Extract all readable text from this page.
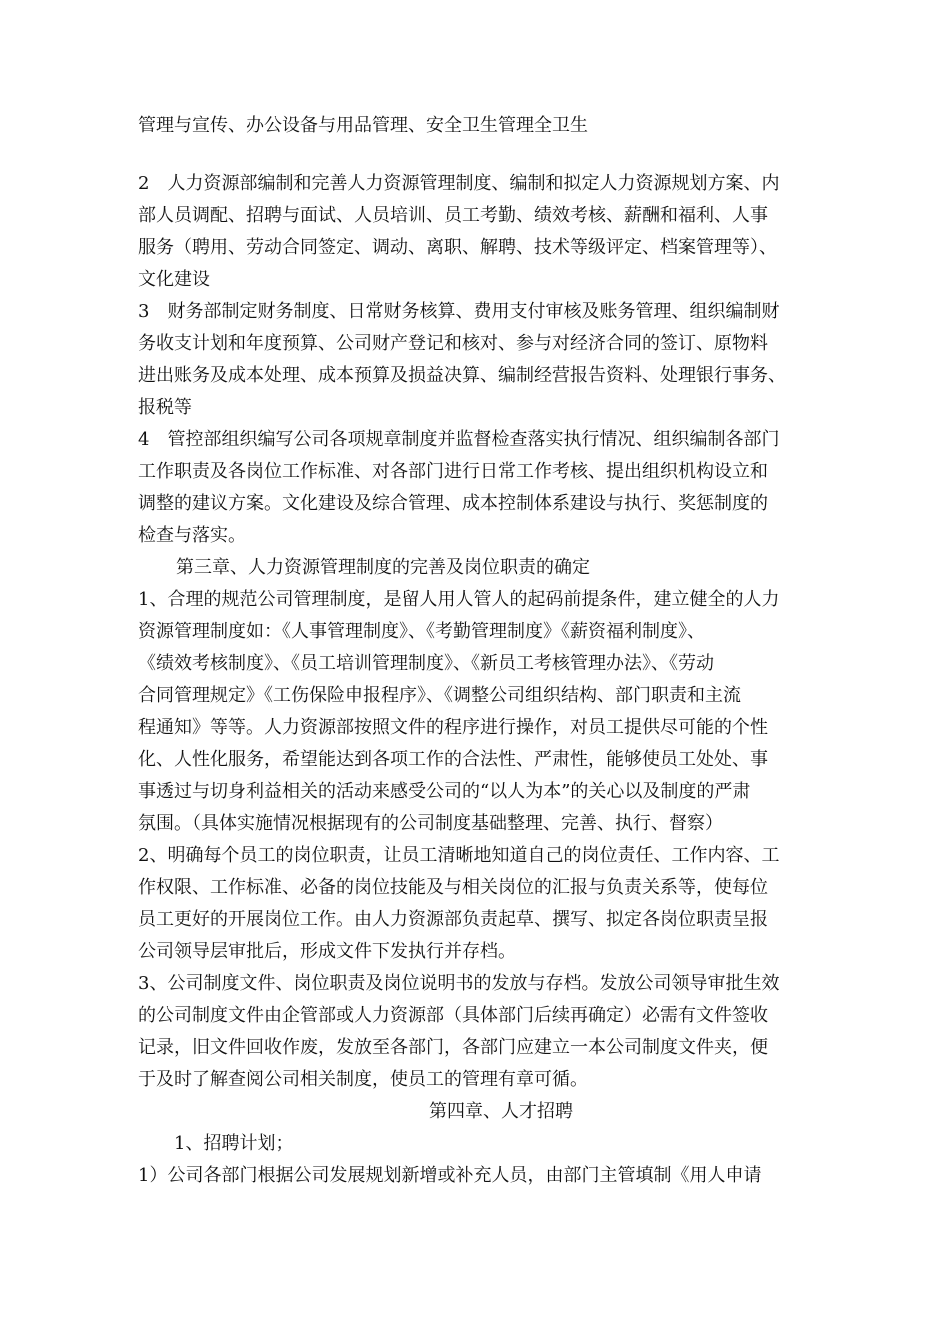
管理与宣传、办公设备与用品管理、安全卫生管理全卫生
2　人力资源部编制和完善人力资源管理制度、编制和拟定人力资源规划方案、内
部人员调配、招聘与面试、人员培训、员工考勤、绩效考核、薪酬和福利、人事
服务（聘用、劳动合同签定、调动、离职、解聘、技术等级评定、档案管理等）、
文化建设
3　财务部制定财务制度、日常财务核算、费用支付审核及账务管理、组织编制财
务收支计划和年度预算、公司财产登记和核对、参与对经济合同的签订、原物料
进出账务及成本处理、成本预算及损益决算、编制经营报告资料、处理银行事务、
报税等
4　管控部组织编写公司各项规章制度并监督检查落实执行情况、组织编制各部门
工作职责及各岗位工作标准、对各部门进行日常工作考核、提出组织机构设立和
调整的建议方案。文化建设及综合管理、成本控制体系建设与执行、奖惩制度的
检查与落实。
第三章、人力资源管理制度的完善及岗位职责的确定
1、合理的规范公司管理制度，是留人用人管人的起码前提条件，建立健全的人力
资源管理制度如：《人事管理制度》、《考勤管理制度》《薪资福利制度》、
《绩效考核制度》、《员工培训管理制度》、《新员工考核管理办法》、《劳动
合同管理规定》《工伤保险申报程序》、《调整公司组织结构、部门职责和主流
程通知》等等。人力资源部按照文件的程序进行操作，对员工提供尽可能的个性
化、人性化服务，希望能达到各项工作的合法性、严肃性，能够使员工处处、事
事透过与切身利益相关的活动来感受公司的“以人为本”的关心以及制度的严肃
氛围。（具体实施情况根据现有的公司制度基础整理、完善、执行、督察）
2、明确每个员工的岗位职责，让员工清晰地知道自己的岗位责任、工作内容、工
作权限、工作标准、必备的岗位技能及与相关岗位的汇报与负责关系等，使每位
员工更好的开展岗位工作。由人力资源部负责起草、撰写、拟定各岗位职责呈报
公司领导层审批后，形成文件下发执行并存档。
3、公司制度文件、岗位职责及岗位说明书的发放与存档。发放公司领导审批生效
的公司制度文件由企管部或人力资源部（具体部门后续再确定）必需有文件签收
记录，旧文件回收作废，发放至各部门，各部门应建立一本公司制度文件夹，便
于及时了解查阅公司相关制度，使员工的管理有章可循。
第四章、人才招聘
1、招聘计划；
1）公司各部门根据公司发展规划新增或补充人员，由部门主管填制《用人申请
